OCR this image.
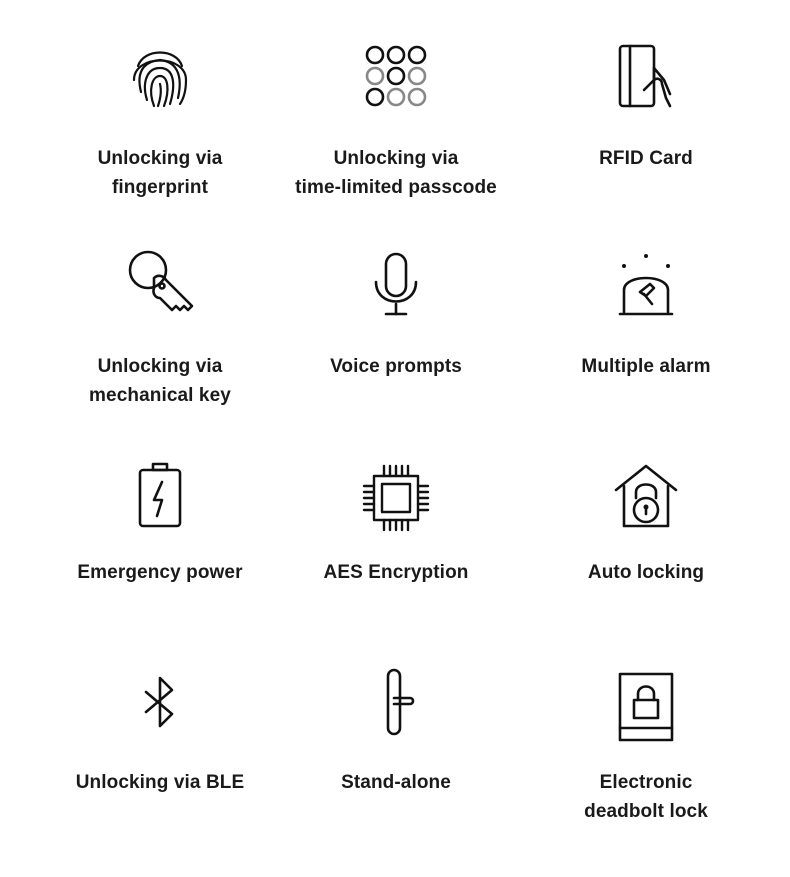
Unlocking via
fingerprint
Unlocking via
time-limited passcode
RFID Card
Unlocking via
mechanical key
Voice prompts	Multiple alarm
Emergency power	AES Encryption	Auto locking
Unlocking via BLE	Stand-alone	Electronic
deadbolt lock
